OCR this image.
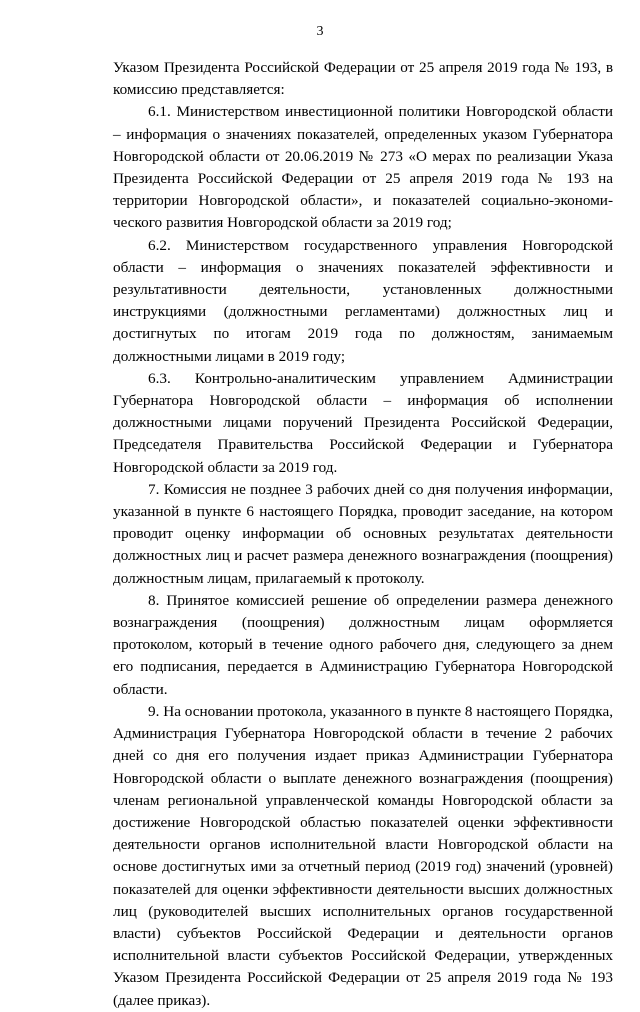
3

Указом Президента Российской Федерации от 25 апреля 2019 года № 193, в комиссию представляется:

6.1. Министерством инвестиционной политики Новгородской области – информация о значениях показателей, определенных указом Губернатора Новгородской области от 20.06.2019 № 273 «О мерах по реализации Указа Президента Российской Федерации от 25 апреля 2019 года № 193 на территории Новгородской области», и показателей социально-экономического развития Новгородской области за 2019 год;

6.2. Министерством государственного управления Новгородской области – информация о значениях показателей эффективности и результативности деятельности, установленных должностными инструкциями (должностными регламентами) должностных лиц и достигнутых по итогам 2019 года по должностям, занимаемым должностными лицами в 2019 году;

6.3. Контрольно-аналитическим управлением Администрации Губернатора Новгородской области – информация об исполнении должностными лицами поручений Президента Российской Федерации, Председателя Правительства Российской Федерации и Губернатора Новгородской области за 2019 год.

7. Комиссия не позднее 3 рабочих дней со дня получения информации, указанной в пункте 6 настоящего Порядка, проводит заседание, на котором проводит оценку информации об основных результатах деятельности должностных лиц и расчет размера денежного вознаграждения (поощрения) должностным лицам, прилагаемый к протоколу.

8. Принятое комиссией решение об определении размера денежного вознаграждения (поощрения) должностным лицам оформляется протоколом, который в течение одного рабочего дня, следующего за днем его подписания, передается в Администрацию Губернатора Новгородской области.

9. На основании протокола, указанного в пункте 8 настоящего Порядка, Администрация Губернатора Новгородской области в течение 2 рабочих дней со дня его получения издает приказ Администрации Губернатора Новгородской области о выплате денежного вознаграждения (поощрения) членам региональной управленческой команды Новгородской области за достижение Новгородской областью показателей оценки эффективности деятельности органов исполнительной власти Новгородской области на основе достигнутых ими за отчетный период (2019 год) значений (уровней) показателей для оценки эффективности деятельности высших должностных лиц (руководителей высших исполнительных органов государственной власти) субъектов Российской Федерации и деятельности органов исполнительной власти субъектов Российской Федерации, утвержденных Указом Президента Российской Федерации от 25 апреля 2019 года № 193 (далее приказ).
